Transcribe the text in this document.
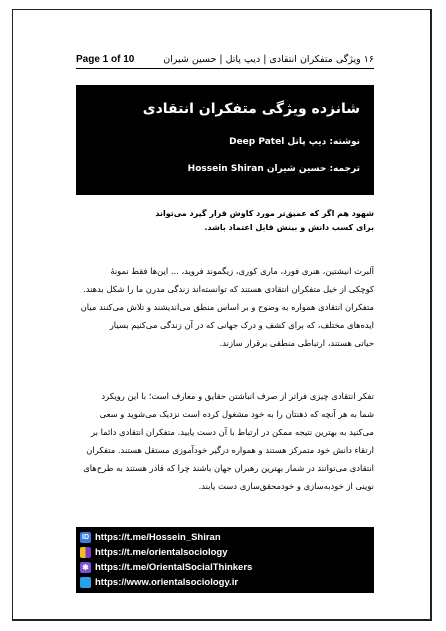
Page 1 of 10	۱۶ ویژگی متفکران انتقادی | دیپ پاتل | حسین شیران
شانزده ویژگی متفکران انتقادی
نوشته: دیپ پاتل Deep Patel
ترجمه: حسین شیران Hossein Shiran
شهود هم اگر که عمیق‌تر مورد کاوش قرار گیرد می‌تواند
برای کسب دانش و بینش قابل اعتماد باشد.
آلبرت انیشتین، هنری فورد، ماری کوری، زیگموند فروید، ... این‌ها فقط نمونهٔ
کوچکی از خیل متفکران انتقادی هستند که توانسته‌اند زندگی مدرن ما را شکل بدهند.
متفکران انتقادی همواره به وضوح و بر اساس منطق می‌اندیشند و تلاش می‌کنند میان
ایده‌های مختلف، که برای کشف و درک جهانی که در آن زندگی می‌کنیم بسیار
حیاتی هستند، ارتباطی منطقی برقرار سازند.
تفکر انتقادی چیزی فراتر از صرف انباشتن حقایق و معارف است؛ با این رویکرد
شما به هر آنچه که ذهنتان را به خود مشغول کرده است نزدیک می‌شوید و سعی
می‌کنید به بهترین نتیجه ممکن در ارتباط با آن دست یابید. متفکران انتقادی دائما بر
ارتقاء دانش خود متمرکز هستند و همواره درگیر خودآموزی مستقل هستند. متفکران
انتقادی می‌توانند در شمار بهترین رهبران جهان باشند چرا که قادر هستند به طرح‌های
نوینی از خودبه‌سازی و خودمحقق‌سازی دست یابند.
ID https://t.me/Hossein_Shiran
https://t.me/orientalsociology
✱ https://t.me/OrientalSocialThinkers
https://www.orientalsociology.ir
